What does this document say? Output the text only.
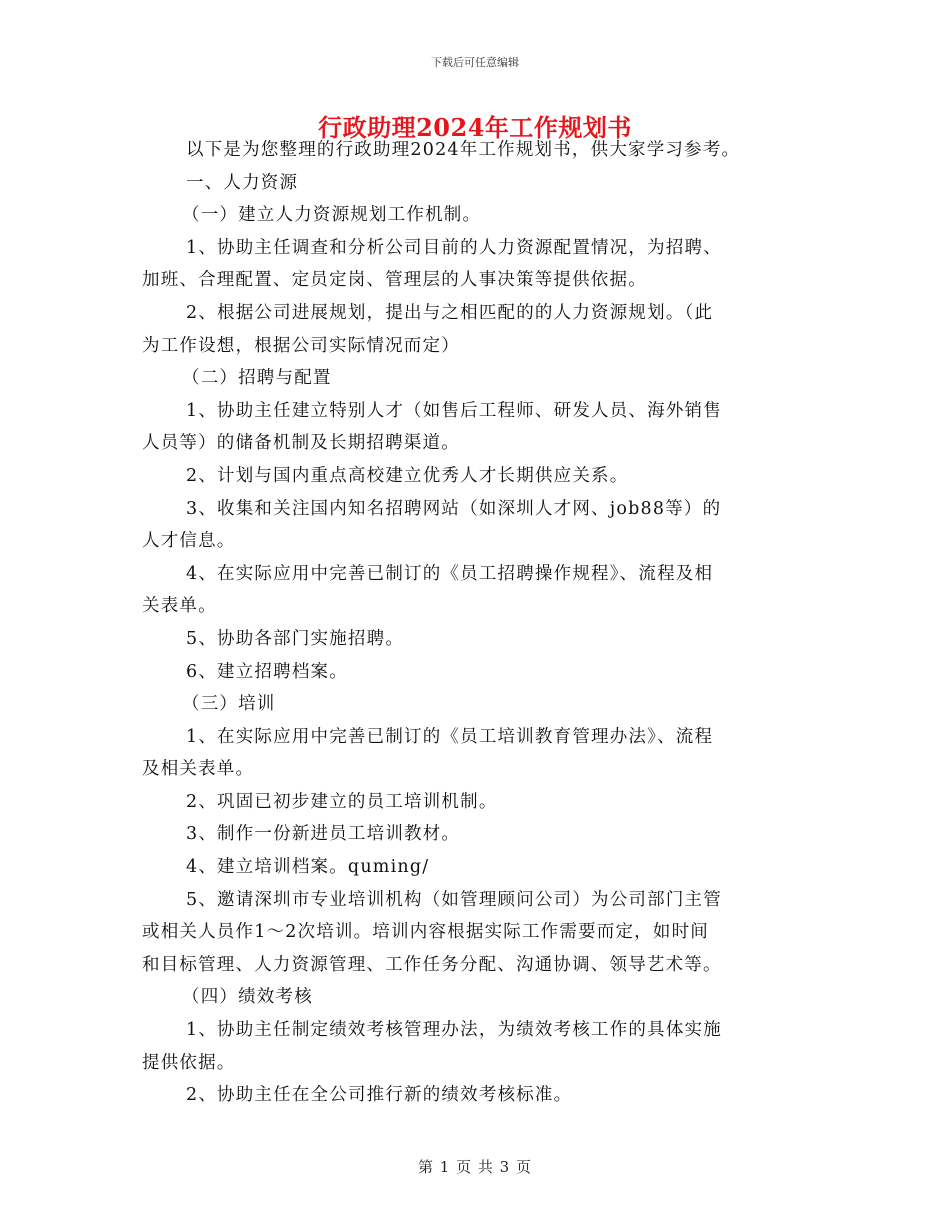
下载后可任意编辑
行政助理2024年工作规划书
以下是为您整理的行政助理2024年工作规划书，供大家学习参考。
一、人力资源
（一）建立人力资源规划工作机制。
1、协助主任调查和分析公司目前的人力资源配置情况，为招聘、
加班、合理配置、定员定岗、管理层的人事决策等提供依据。
2、根据公司进展规划，提出与之相匹配的的人力资源规划。（此
为工作设想，根据公司实际情况而定）
（二）招聘与配置
1、协助主任建立特别人才（如售后工程师、研发人员、海外销售
人员等）的储备机制及长期招聘渠道。
2、计划与国内重点高校建立优秀人才长期供应关系。
3、收集和关注国内知名招聘网站（如深圳人才网、job88等）的
人才信息。
4、在实际应用中完善已制订的《员工招聘操作规程》、流程及相
关表单。
5、协助各部门实施招聘。
6、建立招聘档案。
（三）培训
1、在实际应用中完善已制订的《员工培训教育管理办法》、流程
及相关表单。
2、巩固已初步建立的员工培训机制。
3、制作一份新进员工培训教材。
4、建立培训档案。quming/
5、邀请深圳市专业培训机构（如管理顾问公司）为公司部门主管
或相关人员作1～2次培训。培训内容根据实际工作需要而定，如时间
和目标管理、人力资源管理、工作任务分配、沟通协调、领导艺术等。
（四）绩效考核
1、协助主任制定绩效考核管理办法，为绩效考核工作的具体实施
提供依据。
2、协助主任在全公司推行新的绩效考核标准。
第 1 页 共 3 页
